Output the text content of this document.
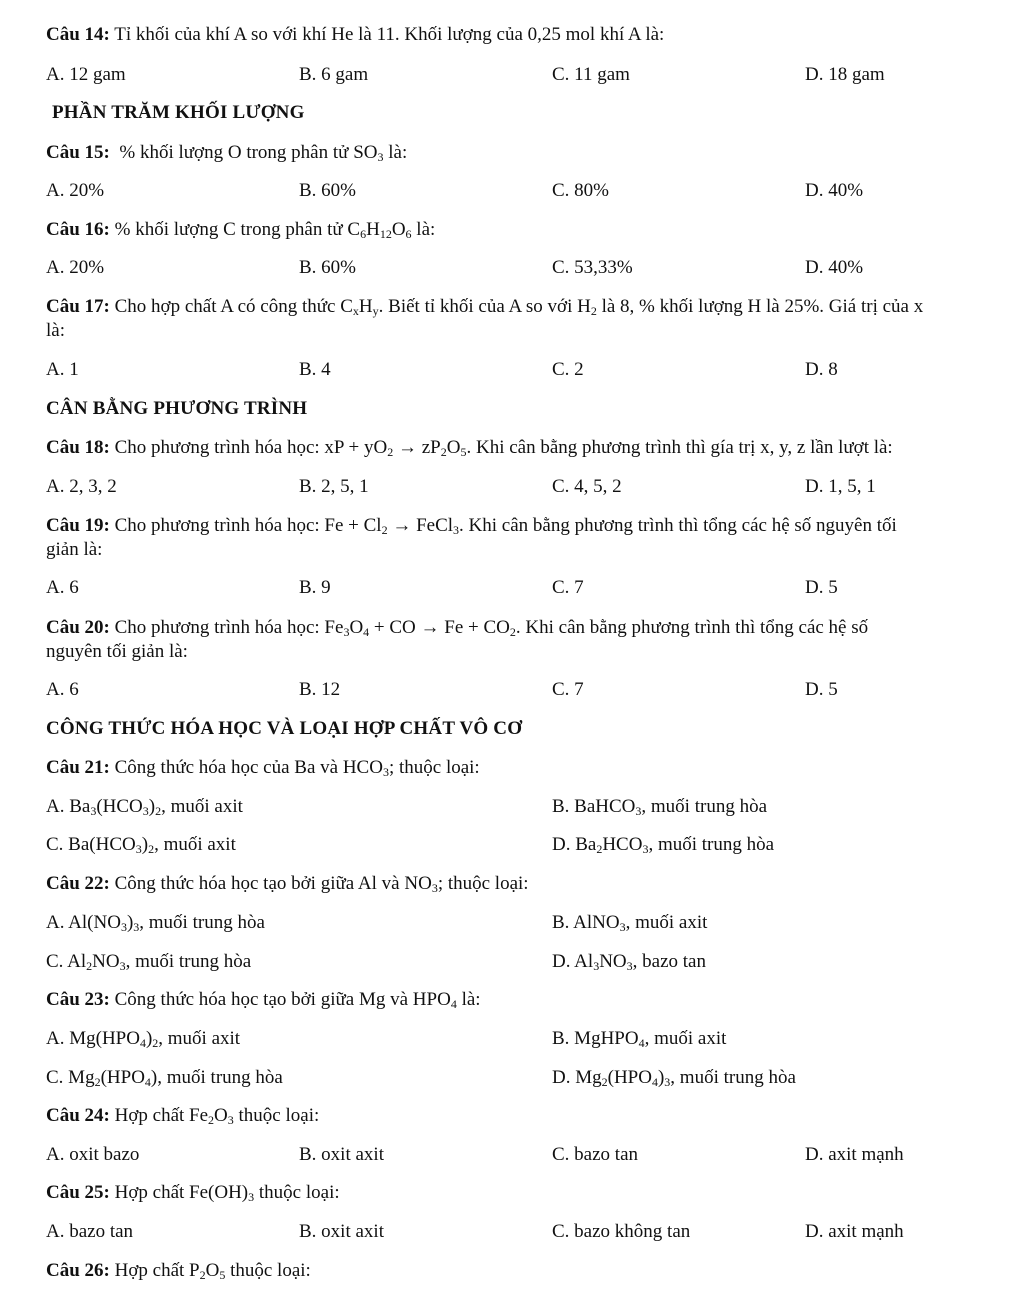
Câu 14: Tỉ khối của khí A so với khí He là 11. Khối lượng của 0,25 mol khí A là:
A. 12 gam	B. 6 gam	C. 11 gam	D. 18 gam
PHẦN TRĂM KHỐI LƯỢNG
Câu 15: % khối lượng O trong phân tử $SO_3$ là:
A. 20%	B. 60%	C. 80%	D. 40%
Câu 16: % khối lượng C trong phân tử $C_6H_{12}O_6$ là:
A. 20%	B. 60%	C. 53,33%	D. 40%
Câu 17: Cho hợp chất A có công thức $C_xH_y$. Biết tỉ khối của A so với $H_2$ là 8, % khối lượng H là 25%. Giá trị của x
là:
A. 1	B. 4	C. 2	D. 8
CÂN BẰNG PHƯƠNG TRÌNH
Câu 18: Cho phương trình hóa học: xP + $yO_2 \to zP_2O_5$. Khi cân bằng phương trình thì gía trị x, y, z lần lượt là:
A. 2, 3, 2	B. 2, 5, 1	C. 4, 5, 2	D. 1, 5, 1
Câu 19: Cho phương trình hóa học: $Fe + Cl_2$ → FeCl$_3$. Khi cân bằng phương trình thì tổng các hệ số nguyên tối
giản là:
A. 6	B. 9	C. 7	D. 5
Câu 20: Cho phương trình hóa học: $Fe_3O_4$ + CO → $Fe + CO_2$. Khi cân bằng phương trình thì tổng các hệ số
nguyên tối giản là:
A. 6	B. 12	C. 7	D. 5
CÔNG THỨC HÓA HỌC VÀ LOẠI HỢP CHẤT VÔ CƠ
Câu 21: Công thức hóa học của Ba và $HCO_3$; thuộc loại:
A. $Ba_3(HCO_3)_2$, muối axit	B. BaHCO$_3$, muối trung hòa
C. $Ba(HCO_3)_2$, muối axit	D. $Ba_2HCO_3$, muối trung hòa
Câu 22: Công thức hóa học tạo bởi giữa Al và $NO_3$; thuộc loại:
A. $Al(NO_3)_3$, muối trung hòa	B. AlNO$_3$, muối axit
C. $Al_2NO_3$, muối trung hòa	D. $Al_3NO_3$, bazo tan
Câu 23: Công thức hóa học tạo bởi giữa Mg và $HPO_4$ là:
A. $Mg(HPO_4)_2$, muối axit	B. MgHPO$_4$, muối axit
C. $Mg_2(HPO_4)$, muối trung hòa	D. $Mg_2(HPO_4)_3$, muối trung hòa
Câu 24: Hợp chất $Fe_2O_3$ thuộc loại:
A. oxit bazo	B. oxit axit	C. bazo tan	D. axit mạnh
Câu 25: Hợp chất $Fe(OH)_3$ thuộc loại:
A. bazo tan	B. oxit axit	C. bazo không tan	D. axit mạnh
Câu 26: Hợp chất $P_2O_5$ thuộc loại:
